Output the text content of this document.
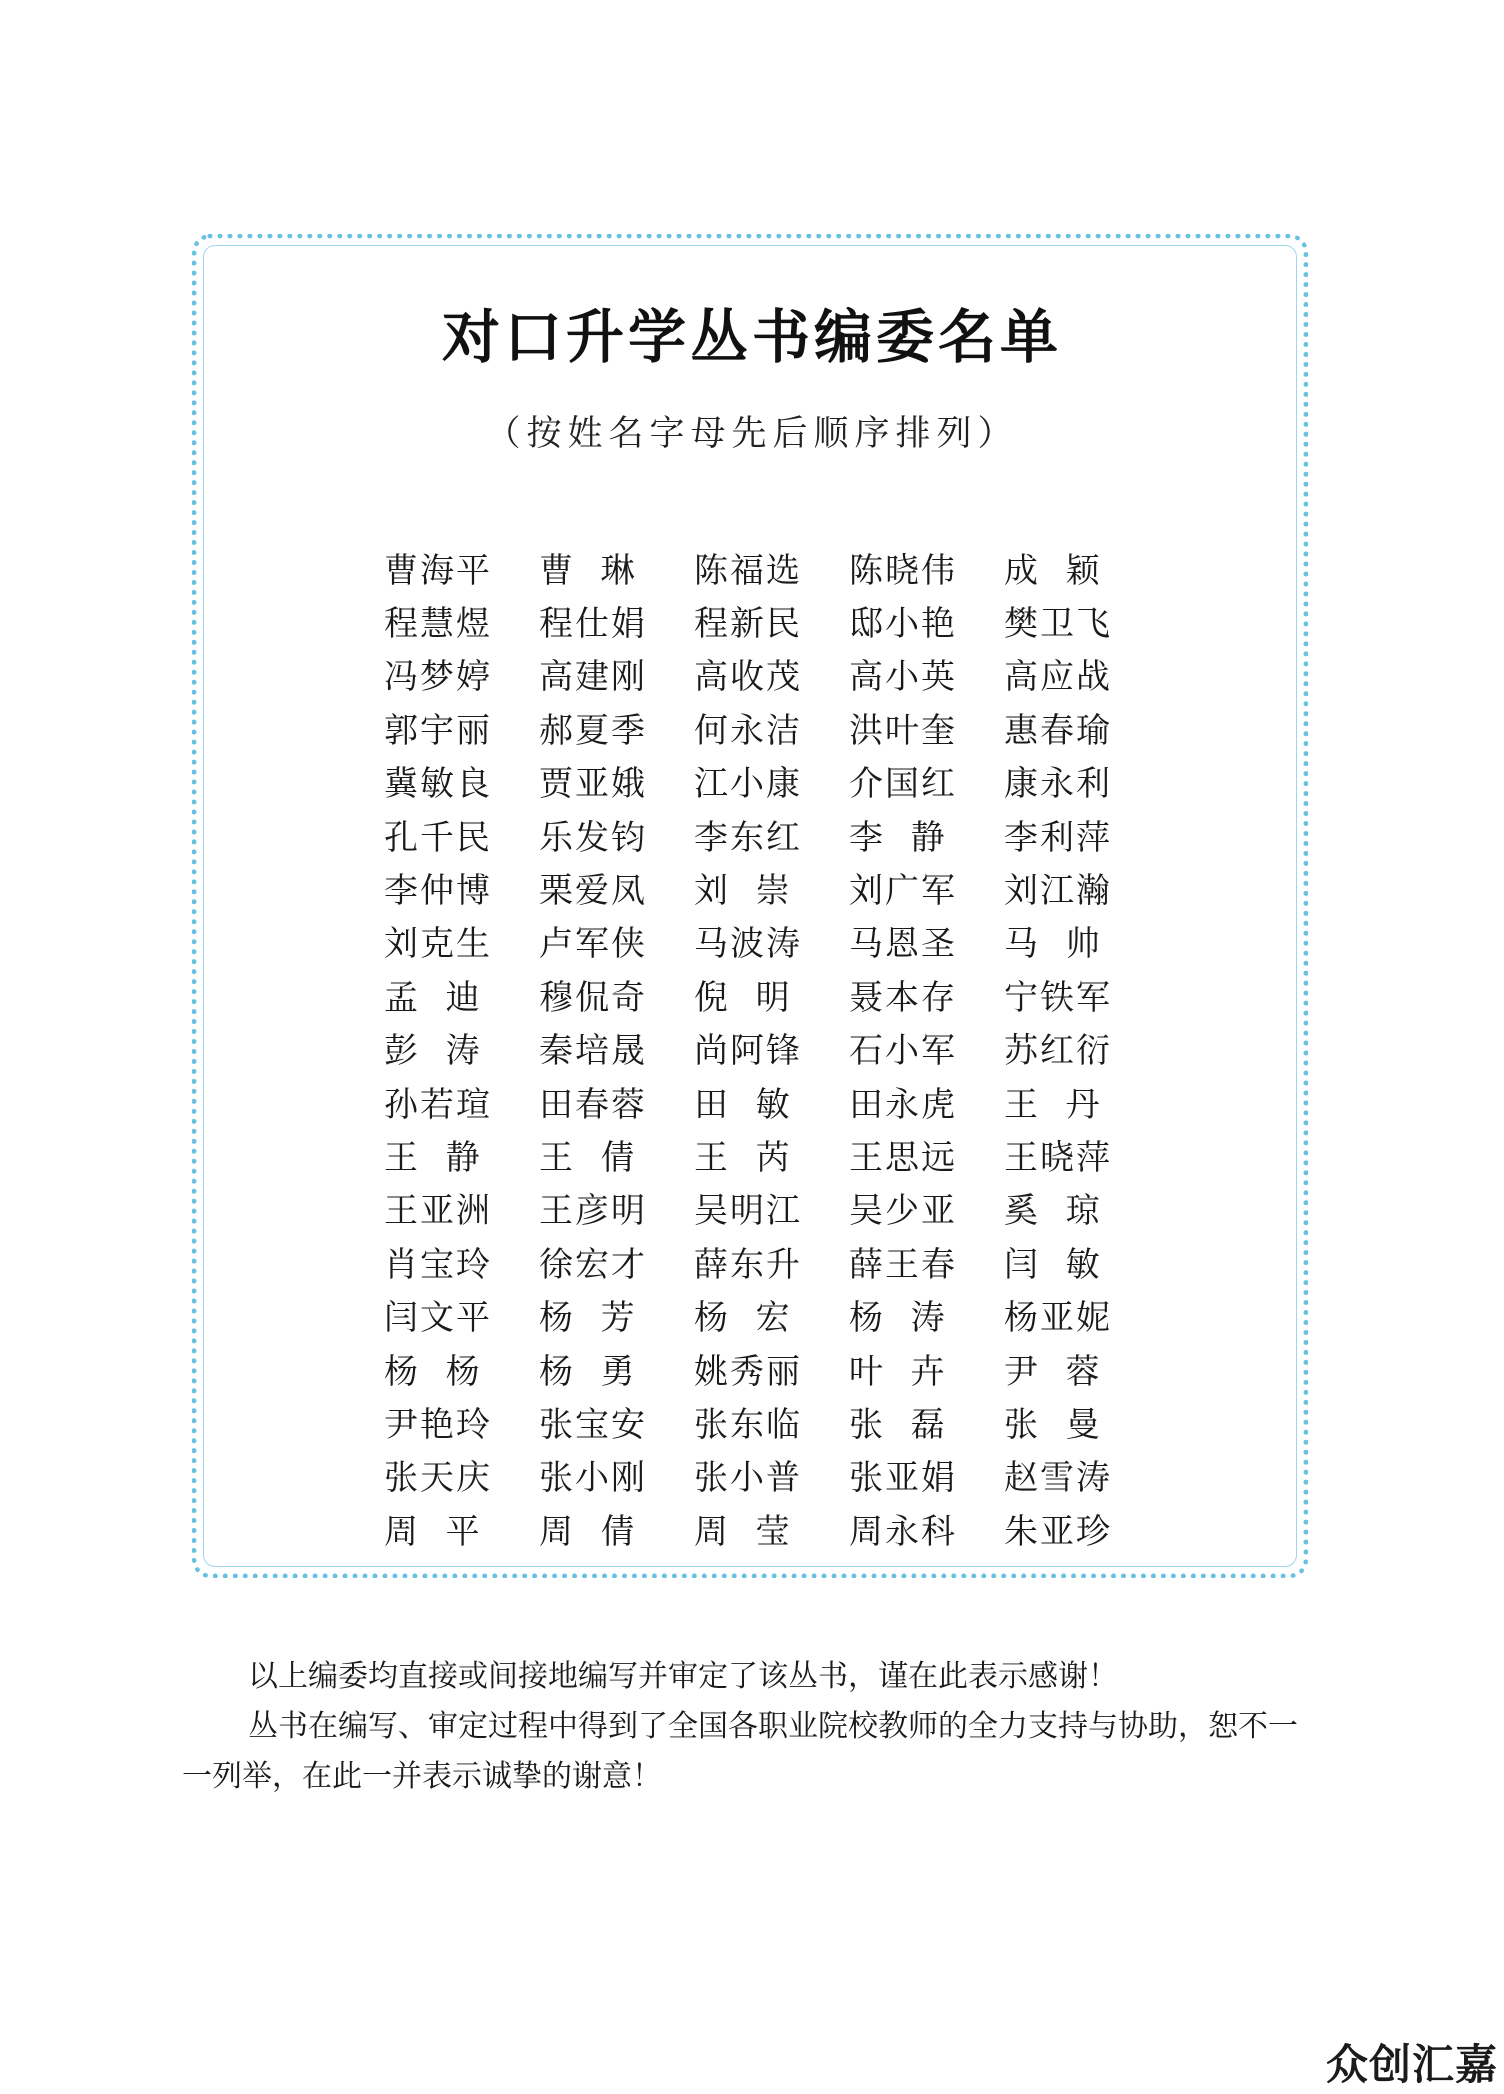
对口升学丛书编委名单
（按姓名字母先后顺序排列）
曹海平	曹  琳	陈福选	陈晓伟	成  颖
程慧煜	程仕娟	程新民	邸小艳	樊卫飞
冯梦婷	高建刚	高收茂	高小英	高应战
郭宇丽	郝夏季	何永洁	洪叶奎	惠春瑜
冀敏良	贾亚娥	江小康	介国红	康永利
孔千民	乐发钧	李东红	李  静	李利萍
李仲博	栗爱凤	刘  崇	刘广军	刘江瀚
刘克生	卢军侠	马波涛	马恩圣	马  帅
孟  迪	穆侃奇	倪  明	聂本存	宁铁军
彭  涛	秦培晟	尚阿锋	石小军	苏红衍
孙若瑄	田春蓉	田  敏	田永虎	王  丹
王  静	王  倩	王  芮	王思远	王晓萍
王亚洲	王彦明	吴明江	吴少亚	奚  琼
肖宝玲	徐宏才	薛东升	薛王春	闫  敏
闫文平	杨  芳	杨  宏	杨  涛	杨亚妮
杨  杨	杨  勇	姚秀丽	叶  卉	尹  蓉
尹艳玲	张宝安	张东临	张  磊	张  曼
张天庆	张小刚	张小普	张亚娟	赵雪涛
周  平	周  倩	周  莹	周永科	朱亚珍

以上编委均直接或间接地编写并审定了该丛书，谨在此表示感谢！

丛书在编写、审定过程中得到了全国各职业院校教师的全力支持与协助，恕不一一列举，在此一并表示诚挚的谢意！

众创汇嘉
